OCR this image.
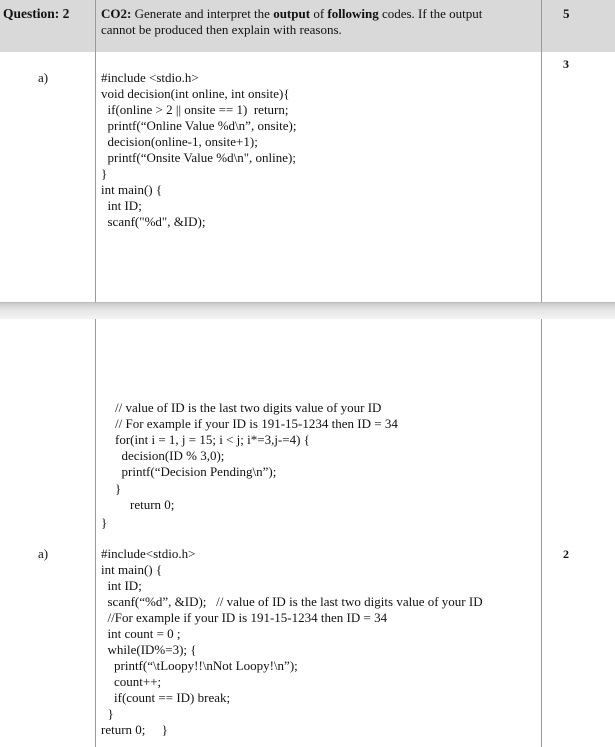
Question: 2 CO2: Generate and interpret the output of following codes. If the output
cannot be produced then explain with reasons.
5
a)
3
#include <stdio.h>
void decision(int online, int onsite){
if(online > 2 || onsite == 1)  return;
printf(“Online Value %d\n”, onsite);
decision(online-1, onsite+1);
printf(“Onsite Value %d\n", online);
}
int main() {
int ID;
scanf("%d", &ID);
// value of ID is the last two digits value of your ID
// For example if your ID is 191-15-1234 then ID = 34
for(int i = 1, j = 15; i < j; i*=3,j-=4) {
decision(ID % 3,0);
printf(“Decision Pending\n”);
}
return 0;
}
a)	2
#include<stdio.h>
int main() {
int ID;
scanf(“%d”, &ID);   // value of ID is the last two digits value of your ID
//For example if your ID is 191-15-1234 then ID = 34
int count = 0 ;
while(ID%=3); {
printf(“\tLoopy!!\nNot Loopy!\n”);
count++;
if(count == ID) break;
}
return 0;     }
